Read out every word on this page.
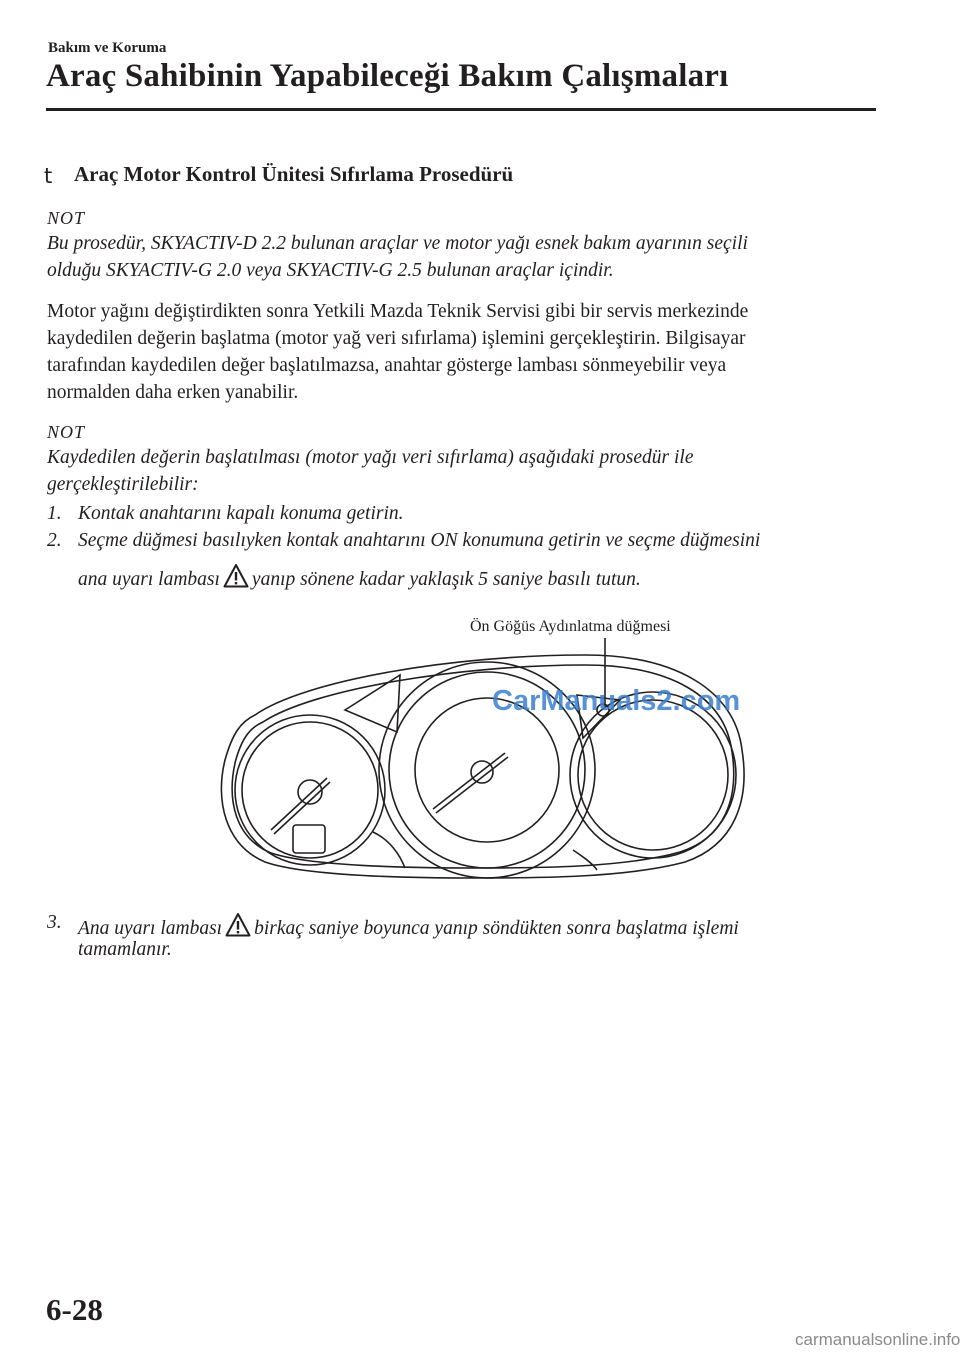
Bakım ve Koruma
Araç Sahibinin Yapabileceği Bakım Çalışmaları
t Araç Motor Kontrol Ünitesi Sıfırlama Prosedürü
NOT
Bu prosedür, SKYACTIV-D 2.2 bulunan araçlar ve motor yağı esnek bakım ayarının seçili
olduğu SKYACTIV-G 2.0 veya SKYACTIV-G 2.5 bulunan araçlar içindir.
Motor yağını değiştirdikten sonra Yetkili Mazda Teknik Servisi gibi bir servis merkezinde
kaydedilen değerin başlatma (motor yağ veri sıfırlama) işlemini gerçekleştirin. Bilgisayar
tarafından kaydedilen değer başlatılmazsa, anahtar gösterge lambası sönmeyebilir veya
normalden daha erken yanabilir.
NOT
Kaydedilen değerin başlatılması (motor yağı veri sıfırlama) aşağıdaki prosedür ile
gerçekleştirilebilir:
1. Kontak anahtarını kapalı konuma getirin.
2. Seçme düğmesi basılıyken kontak anahtarını ON konumuna getirin ve seçme düğmesini
ana uyarı lambası yanıp sönene kadar yaklaşık 5 saniye basılı tutun.
Ön Göğüs Aydınlatma düğmesi
CarManuals2.com
3. Ana uyarı lambası birkaç saniye boyunca yanıp söndükten sonra başlatma işlemi
tamamlanır.
6-28
carmanualsonline.info
